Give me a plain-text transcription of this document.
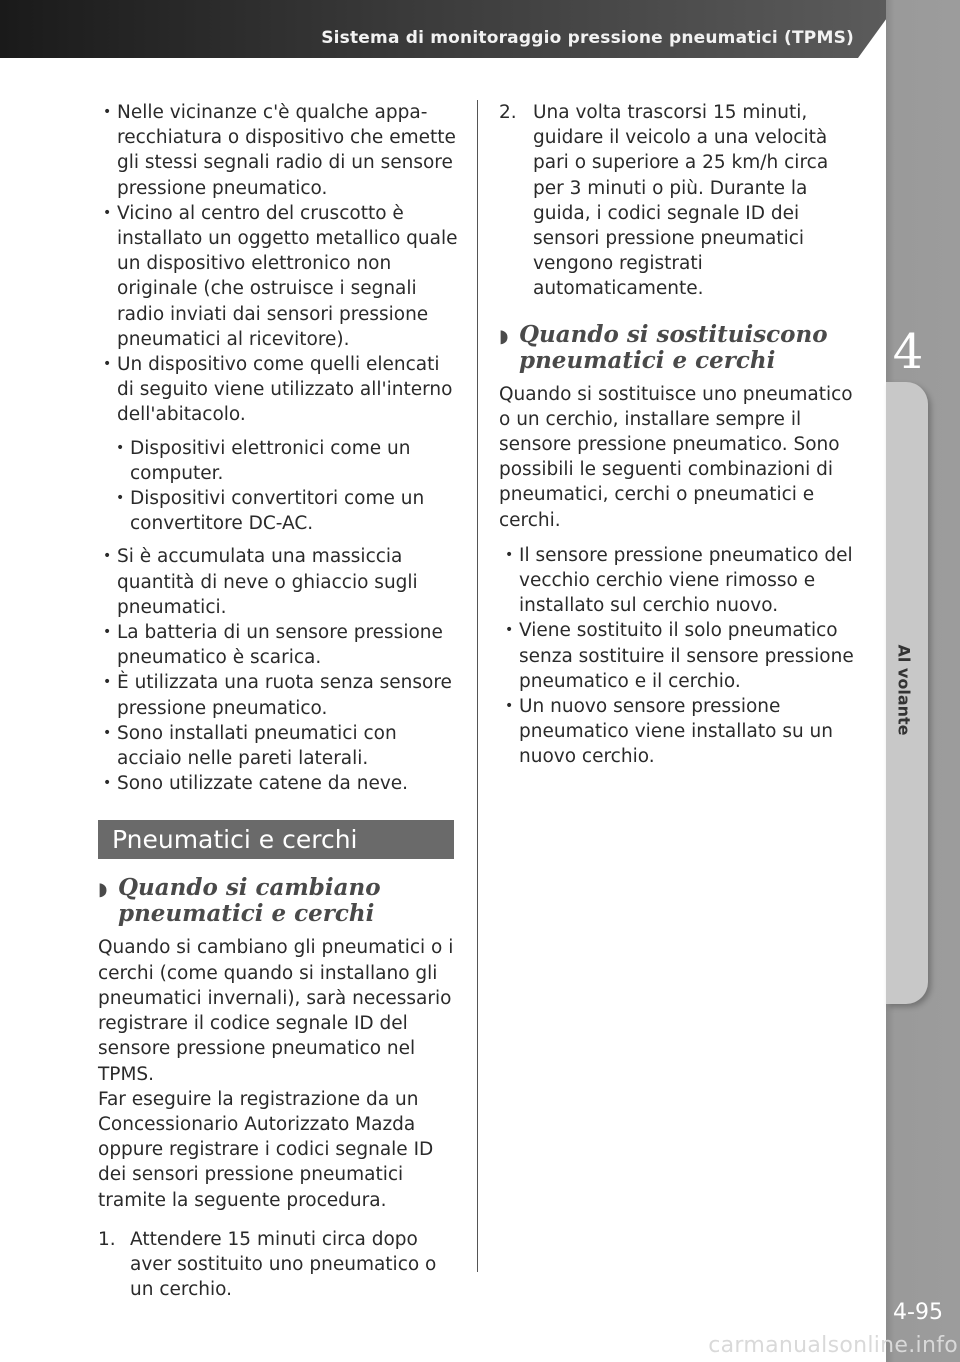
Sistema di monitoraggio pressione pneumatici (TPMS)
4
Al volante
4-95
carmanualsonline.info
• Nelle vicinanze c'è qualche appa-recchiatura o dispositivo che emette gli stessi segnali radio di un sensore pressione pneumatico.
• Vicino al centro del cruscotto è installato un oggetto metallico quale un dispositivo elettronico non originale (che ostruisce i segnali radio inviati dai sensori pressione pneumatici al ricevitore).
• Un dispositivo come quelli elencati di seguito viene utilizzato all'interno dell'abitacolo.
• Dispositivi elettronici come un computer.
• Dispositivi convertitori come un convertitore DC-AC.
• Si è accumulata una massiccia quantità di neve o ghiaccio sugli pneumatici.
• La batteria di un sensore pressione pneumatico è scarica.
• È utilizzata una ruota senza sensore pressione pneumatico.
• Sono installati pneumatici con acciaio nelle pareti laterali.
• Sono utilizzate catene da neve.
Pneumatici e cerchi
◗ Quando si cambiano pneumatici e cerchi

Quando si cambiano gli pneumatici o i cerchi (come quando si installano gli pneumatici invernali), sarà necessario registrare il codice segnale ID del sensore pressione pneumatico nel TPMS.

Far eseguire la registrazione da un Concessionario Autorizzato Mazda oppure registrare i codici segnale ID dei sensori pressione pneumatici tramite la seguente procedura.

1. Attendere 15 minuti circa dopo aver sostituito uno pneumatico o un cerchio.
2. Una volta trascorsi 15 minuti, guidare il veicolo a una velocità pari o superiore a 25 km/h circa per 3 minuti o più. Durante la guida, i codici segnale ID dei sensori pressione pneumatici vengono registrati automaticamente.
◗ Quando si sostituiscono pneumatici e cerchi

Quando si sostituisce uno pneumatico o un cerchio, installare sempre il sensore pressione pneumatico. Sono possibili le seguenti combinazioni di pneumatici, cerchi o pneumatici e cerchi.

• Il sensore pressione pneumatico del vecchio cerchio viene rimosso e installato sul cerchio nuovo.
• Viene sostituito il solo pneumatico senza sostituire il sensore pressione pneumatico e il cerchio.
• Un nuovo sensore pressione pneumatico viene installato su un nuovo cerchio.
